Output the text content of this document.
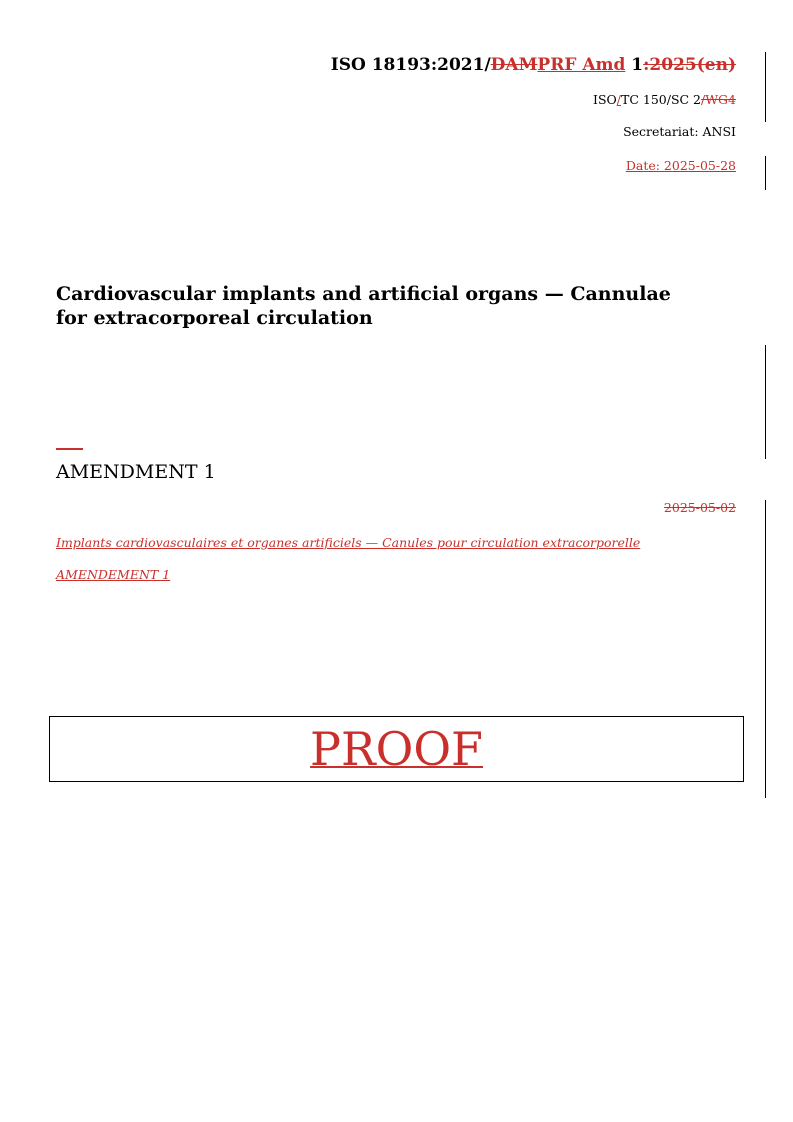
ISO 18193:2021/DAMPRF Amd 1:2025(en)
ISO/TC 150/SC 2/WG4
Secretariat: ANSI
Date: 2025-05-28
Cardiovascular implants and artificial organs — Cannulae for extracorporeal circulation
AMENDMENT 1
2025-05-02
Implants cardiovasculaires et organes artificiels — Canules pour circulation extracorporelle
AMENDEMENT 1
PROOF
